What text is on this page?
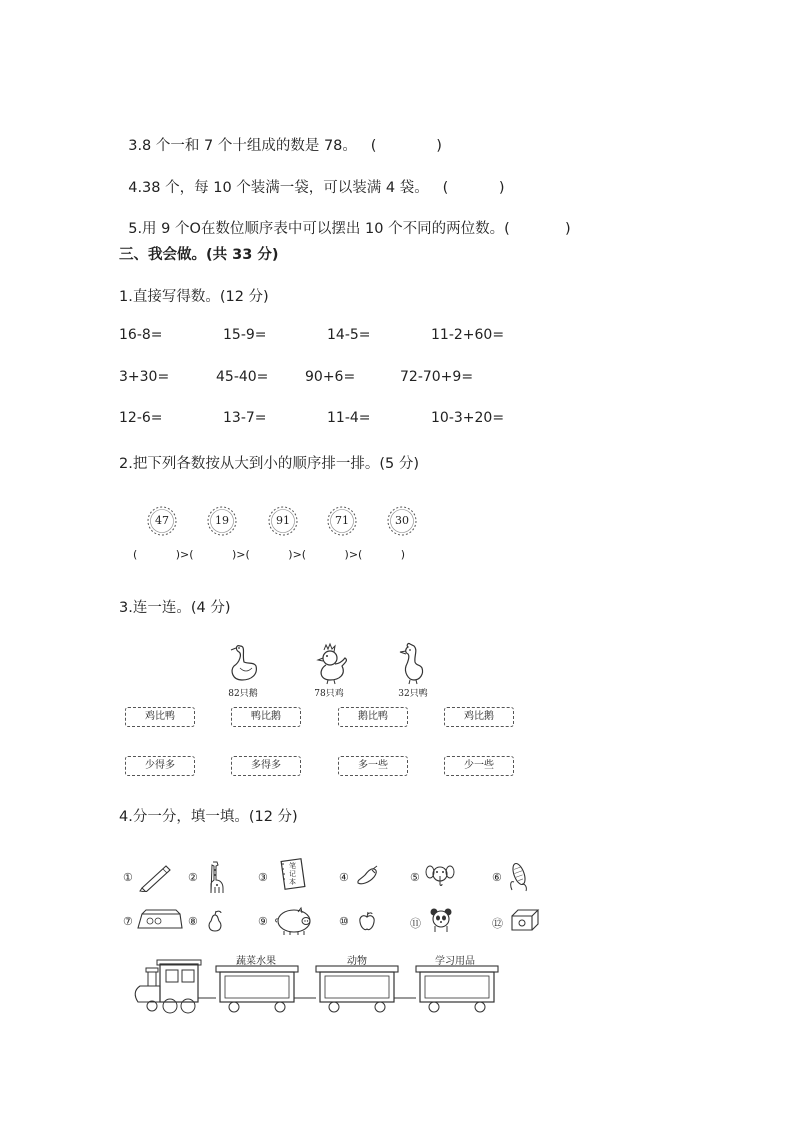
3.8 个一和 7 个十组成的数是 78。 (             )

4.38 个，每 10 个装满一袋，可以装满 4 袋。 (           )

5.用 9 个O在数位顺序表中可以摆出 10 个不同的两位数。(            )

三、我会做。(共 33 分)
1.直接写得数。(12 分)
16-8=	15-9=	14-5=	11-2+60=
3+30=	45-40=	90+6=	72-70+9=
12-6=	13-7=	11-4=	10-3+20=
2.把下列各数按从大到小的顺序排一排。(5 分)
47	19	91	71	30
(           )>(           )>(           )>(           )>(           )
3.连一连。(4 分)
82只鹅	78只鸡	32只鸭
鸡比鸭	鸭比鹅	鹅比鸭	鸡比鹅
少得多	多得多	多一些	少一些
4.分一分，填一填。(12 分)
①	②	③
笔记本	④	⑤	⑥
⑦	⑧	⑨	⑩	⑪	⑫
蔬菜水果	动物	学习用品
